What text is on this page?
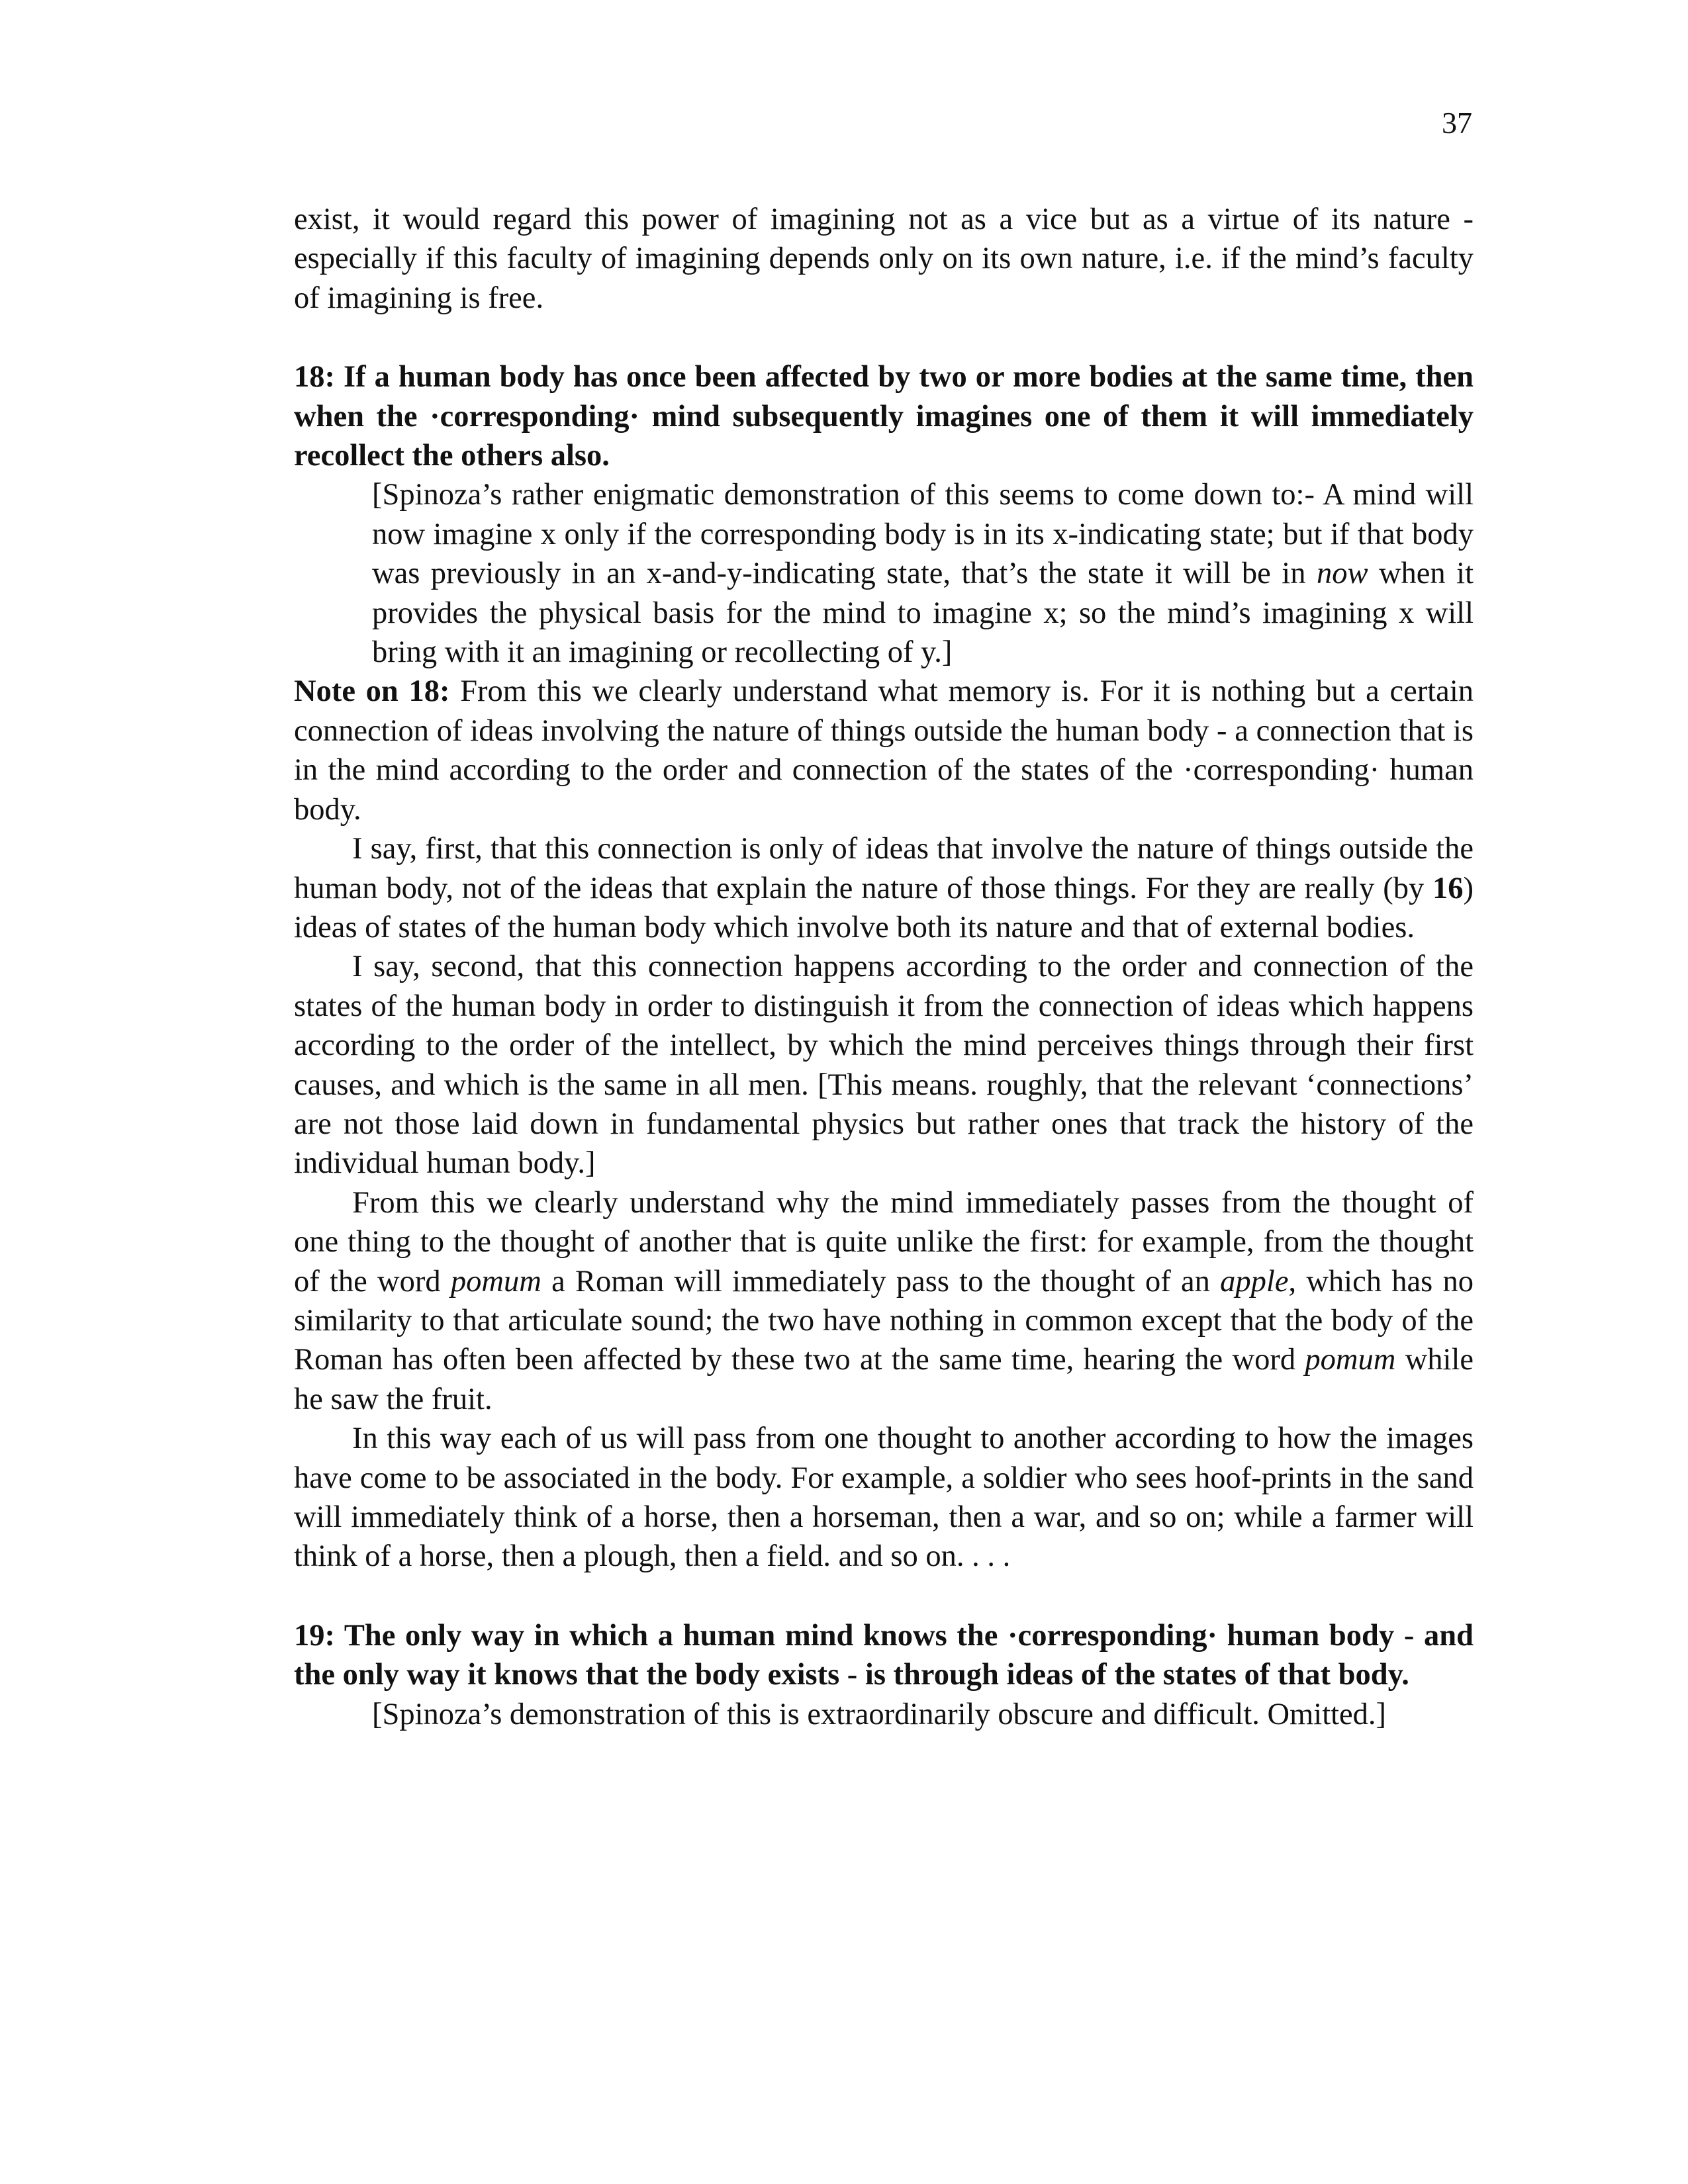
37

exist, it would regard this power of imagining not as a vice but as a virtue of its nature - especially if this faculty of imagining depends only on its own nature, i.e. if the mind’s faculty of imagining is free.

18: If a human body has once been affected by two or more bodies at the same time, then when the ·corresponding· mind subsequently imagines one of them it will immediately recollect the others also.

[Spinoza’s rather enigmatic demonstration of this seems to come down to:- A mind will now imagine x only if the corresponding body is in its x-indicating state; but if that body was previously in an x-and-y-indicating state, that’s the state it will be in now when it provides the physical basis for the mind to imagine x; so the mind’s imagining x will bring with it an imagining or recollecting of y.]

Note on 18: From this we clearly understand what memory is. For it is nothing but a certain connection of ideas involving the nature of things outside the human body - a connection that is in the mind according to the order and connection of the states of the ·corresponding· human body.

I say, first, that this connection is only of ideas that involve the nature of things outside the human body, not of the ideas that explain the nature of those things. For they are really (by 16) ideas of states of the human body which involve both its nature and that of external bodies.

I say, second, that this connection happens according to the order and connection of the states of the human body in order to distinguish it from the connection of ideas which happens according to the order of the intellect, by which the mind perceives things through their first causes, and which is the same in all men. [This means. roughly, that the relevant ‘connections’ are not those laid down in fundamental physics but rather ones that track the history of the individual human body.]

From this we clearly understand why the mind immediately passes from the thought of one thing to the thought of another that is quite unlike the first: for example, from the thought of the word pomum a Roman will immediately pass to the thought of an apple, which has no similarity to that articulate sound; the two have nothing in common except that the body of the Roman has often been affected by these two at the same time, hearing the word pomum while he saw the fruit.

In this way each of us will pass from one thought to another according to how the images have come to be associated in the body. For example, a soldier who sees hoof-prints in the sand will immediately think of a horse, then a horseman, then a war, and so on; while a farmer will think of a horse, then a plough, then a field. and so on. . . .

19: The only way in which a human mind knows the ·corresponding· human body - and the only way it knows that the body exists - is through ideas of the states of that body.

[Spinoza’s demonstration of this is extraordinarily obscure and difficult. Omitted.]
